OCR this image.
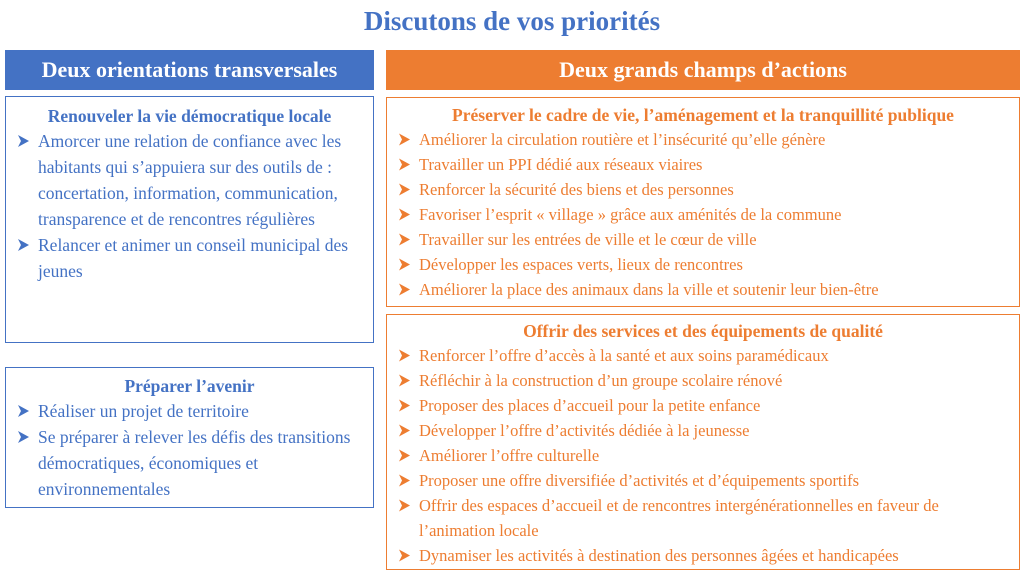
Discutons de vos priorités
Deux orientations transversales	Deux grands champs d’actions
Renouveler la vie démocratique locale
Amorcer une relation de confiance avec les habitants qui s’appuiera sur des outils de : concertation, information, communication, transparence et de rencontres régulières
Relancer et animer un conseil municipal des jeunes
Préparer l’avenir
Réaliser un projet de territoire
Se préparer à relever les défis des transitions démocratiques, économiques et environnementales
Préserver le cadre de vie, l’aménagement et la tranquillité publique
Améliorer la circulation routière et l’insécurité qu’elle génère
Travailler un PPI dédié aux réseaux viaires
Renforcer la sécurité des biens et des personnes
Favoriser l’esprit « village » grâce aux aménités de la commune
Travailler sur les entrées de ville et le cœur de ville
Développer les espaces verts, lieux de rencontres
Améliorer la place des animaux dans la ville et soutenir leur bien-être
Offrir des services et des équipements de qualité
Renforcer l’offre d’accès à la santé et aux soins paramédicaux
Réfléchir à la construction d’un groupe scolaire rénové
Proposer des places d’accueil pour la petite enfance
Développer l’offre d’activités dédiée à la jeunesse
Améliorer l’offre culturelle
Proposer une offre diversifiée d’activités et d’équipements sportifs
Offrir des espaces d’accueil et de rencontres intergénérationnelles en faveur de l’animation locale
Dynamiser les activités à destination des personnes âgées et handicapées
